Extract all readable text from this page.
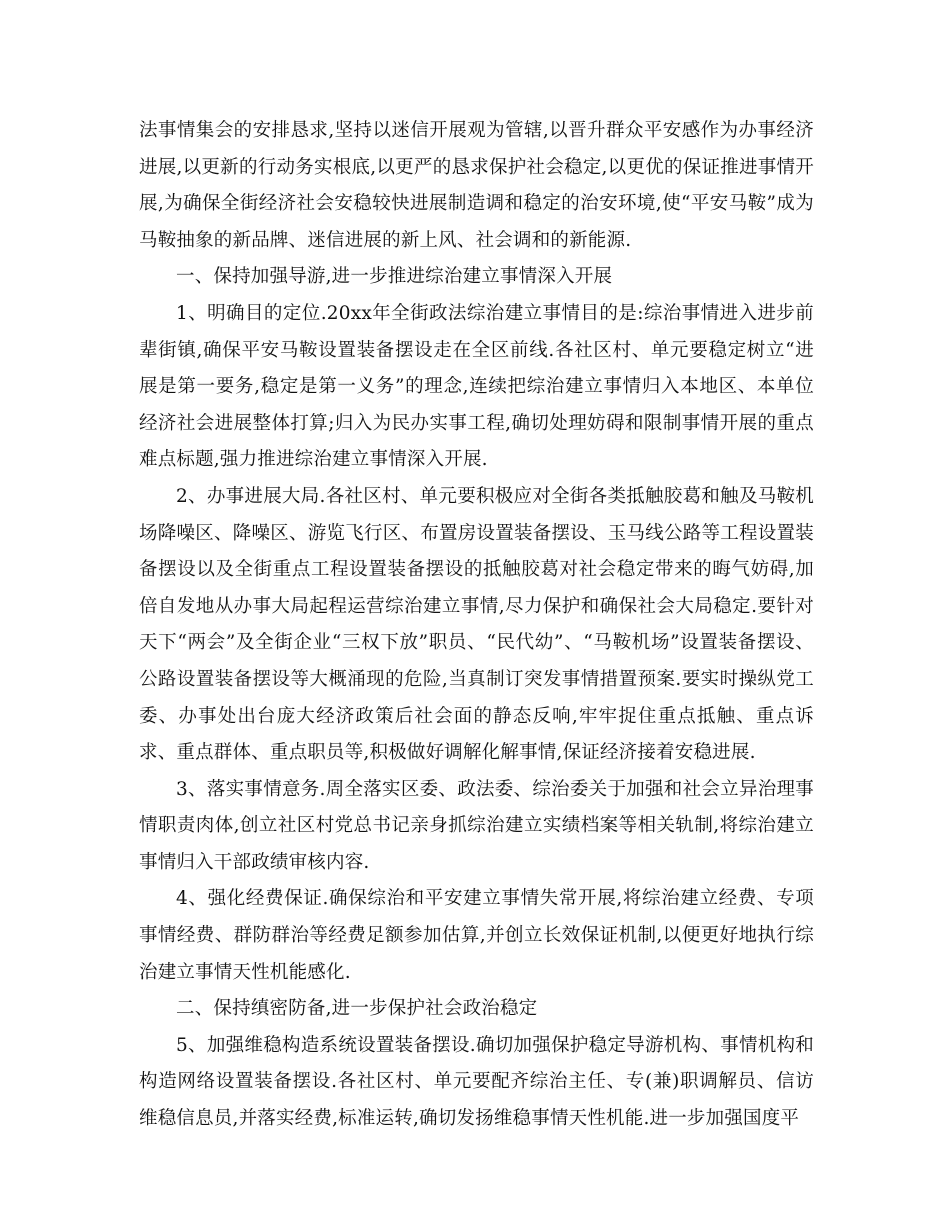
法事情集会的安排恳求,坚持以迷信开展观为管辖,以晋升群众平安感作为办事经济进展,以更新的行动务实根底,以更严的恳求保护社会稳定,以更优的保证推进事情开展,为确保全街经济社会安稳较快进展制造调和稳定的治安环境,使“平安马鞍”成为马鞍抽象的新品牌、迷信进展的新上风、社会调和的新能源.

一、保持加强导游,进一步推进综治建立事情深入开展

1、明确目的定位.20xx年全街政法综治建立事情目的是:综治事情进入进步前辈街镇,确保平安马鞍设置装备摆设走在全区前线.各社区村、单元要稳定树立“进展是第一要务,稳定是第一义务”的理念,连续把综治建立事情归入本地区、本单位经济社会进展整体打算;归入为民办实事工程,确切处理妨碍和限制事情开展的重点难点标题,强力推进综治建立事情深入开展.

2、办事进展大局.各社区村、单元要积极应对全街各类抵触胶葛和触及马鞍机场降噪区、降噪区、游览飞行区、布置房设置装备摆设、玉马线公路等工程设置装备摆设以及全街重点工程设置装备摆设的抵触胶葛对社会稳定带来的晦气妨碍,加倍自发地从办事大局起程运营综治建立事情,尽力保护和确保社会大局稳定.要针对天下“两会”及全街企业“三权下放”职员、“民代幼”、“马鞍机场”设置装备摆设、公路设置装备摆设等大概涌现的危险,当真制订突发事情措置预案.要实时操纵党工委、办事处出台庞大经济政策后社会面的静态反响,牢牢捉住重点抵触、重点诉求、重点群体、重点职员等,积极做好调解化解事情,保证经济接着安稳进展.

3、落实事情意务.周全落实区委、政法委、综治委关于加强和社会立异治理事情职责肉体,创立社区村党总书记亲身抓综治建立实绩档案等相关轨制,将综治建立事情归入干部政绩审核内容.

4、强化经费保证.确保综治和平安建立事情失常开展,将综治建立经费、专项事情经费、群防群治等经费足额参加估算,并创立长效保证机制,以便更好地执行综治建立事情天性机能感化.

二、保持缜密防备,进一步保护社会政治稳定

5、加强维稳构造系统设置装备摆设.确切加强保护稳定导游机构、事情机构和构造网络设置装备摆设.各社区村、单元要配齐综治主任、专(兼)职调解员、信访维稳信息员,并落实经费,标准运转,确切发扬维稳事情天性机能.进一步加强国度平
